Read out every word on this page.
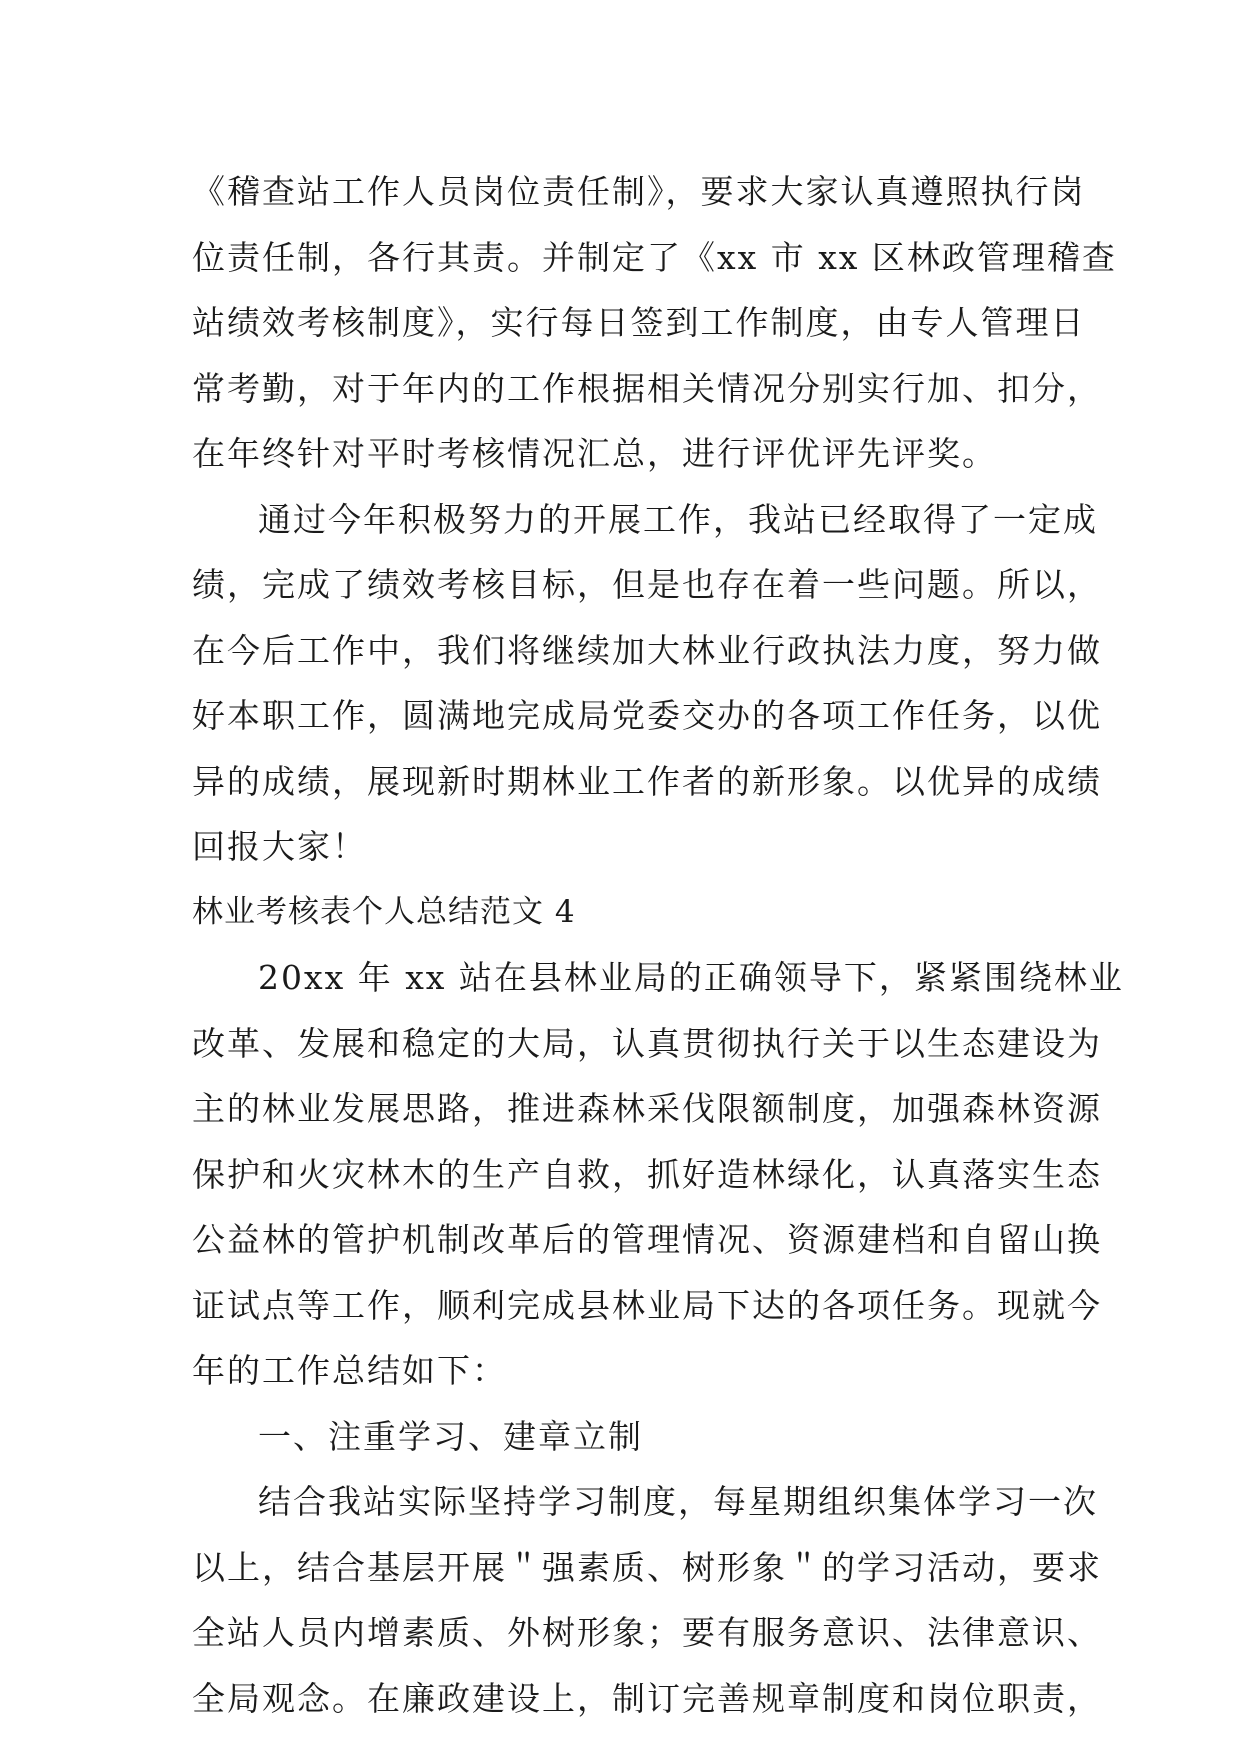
《稽查站工作人员岗位责任制》，要求大家认真遵照执行岗
位责任制，各行其责。并制定了《xx 市 xx 区林政管理稽查
站绩效考核制度》，实行每日签到工作制度，由专人管理日
常考勤，对于年内的工作根据相关情况分别实行加、扣分，
在年终针对平时考核情况汇总，进行评优评先评奖。
通过今年积极努力的开展工作，我站已经取得了一定成
绩，完成了绩效考核目标，但是也存在着一些问题。所以，
在今后工作中，我们将继续加大林业行政执法力度，努力做
好本职工作，圆满地完成局党委交办的各项工作任务，以优
异的成绩，展现新时期林业工作者的新形象。以优异的成绩
回报大家！
林业考核表个人总结范文 4
20xx 年 xx 站在县林业局的正确领导下，紧紧围绕林业
改革、发展和稳定的大局，认真贯彻执行关于以生态建设为
主的林业发展思路，推进森林采伐限额制度，加强森林资源
保护和火灾林木的生产自救，抓好造林绿化，认真落实生态
公益林的管护机制改革后的管理情况、资源建档和自留山换
证试点等工作，顺利完成县林业局下达的各项任务。现就今
年的工作总结如下：
一、注重学习、建章立制
结合我站实际坚持学习制度，每星期组织集体学习一次
以上，结合基层开展＂强素质、树形象＂的学习活动，要求
全站人员内增素质、外树形象；要有服务意识、法律意识、
全局观念。在廉政建设上，制订完善规章制度和岗位职责，
